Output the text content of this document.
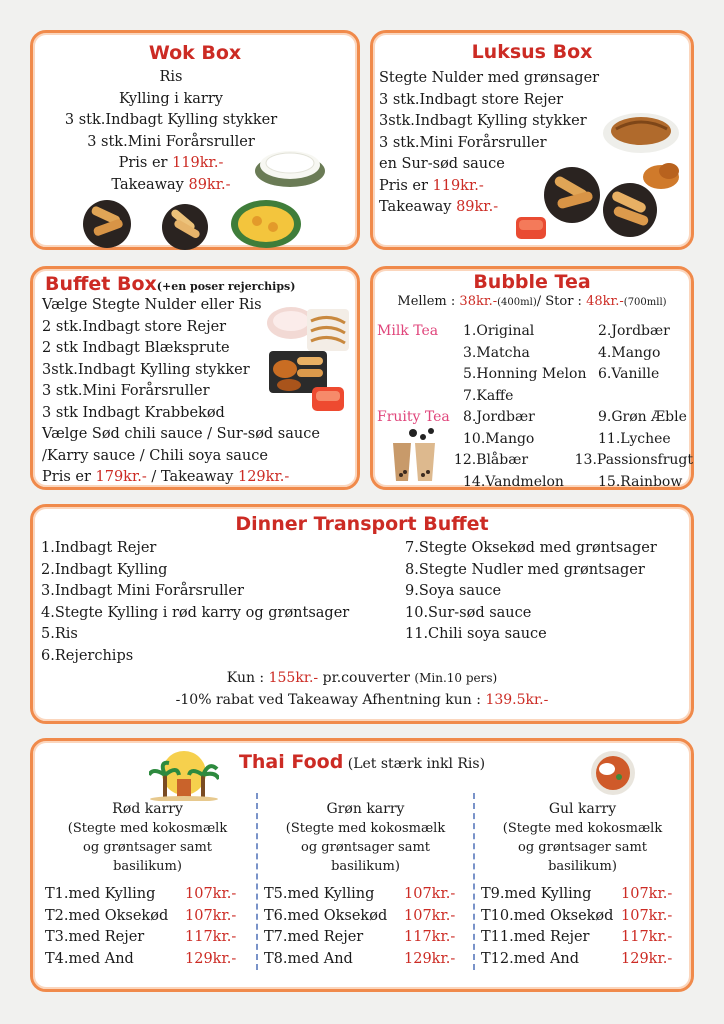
Wok Box
Ris
Kylling i karry
3 stk.Indbagt Kylling stykker
3 stk.Mini Forårsruller
Pris er 119kr.-
Takeaway 89kr.-
Luksus Box
Stegte Nulder med grønsager
3 stk.Indbagt store Rejer
3stk.Indbagt Kylling stykker
3 stk.Mini Forårsruller
en Sur-sød sauce
Pris er 119kr.-
Takeaway 89kr.-
Buffet Box(+en poser rejerchips)
Vælge Stegte Nulder eller Ris
2 stk.Indbagt store Rejer
2 stk Indbagt Blæksprute
3stk.Indbagt Kylling stykker
3 stk.Mini Forårsruller
3 stk Indbagt Krabbekød
Vælge Sød chili sauce / Sur-sød sauce
/Karry sauce / Chili soya sauce
Pris er 179kr.- / Takeaway 129kr.-
Bubble Tea
Mellem : 38kr.-(400ml)/ Stor : 48kr.-(700mll)
Milk Tea	1.Original	2.Jordbær
3.Matcha	4.Mango
5.Honning Melon 6.Vanille
7.Kaffe
Fruity Tea 8.Jordbær	9.Grøn Æble
10.Mango	11.Lychee
12.Blåbær	13.Passionsfrugt
14.Vandmelon	15.Rainbow
Dinner Transport Buffet
1.Indbagt Rejer
2.Indbagt Kylling
3.Indbagt Mini Forårsruller
4.Stegte Kylling i rød karry og grøntsager
5.Ris
6.Rejerchips
7.Stegte Oksekød med grøntsager
8.Stegte Nudler med grøntsager
9.Soya sauce
10.Sur-sød sauce
11.Chili soya sauce
Kun : 155kr.- pr.couverter (Min.10 pers)
-10% rabat ved Takeaway Afhentning kun : 139.5kr.-
Thai Food (Let stærk inkl Ris)
Rød karry
(Stegte med kokosmælk
og grøntsager samt
basilikum)
T1.med Kylling	107kr.-
T2.med Oksekød	107kr.-
T3.med Rejer	117kr.-
T4.med And	129kr.-
Grøn karry
(Stegte med kokosmælk
og grøntsager samt
basilikum)
T5.med Kylling	107kr.-
T6.med Oksekød	107kr.-
T7.med Rejer	117kr.-
T8.med And	129kr.-
Gul karry
(Stegte med kokosmælk
og grøntsager samt
basilikum)
T9.med Kylling	107kr.-
T10.med Oksekød 107kr.-
T11.med Rejer	117kr.-
T12.med And	129kr.-
